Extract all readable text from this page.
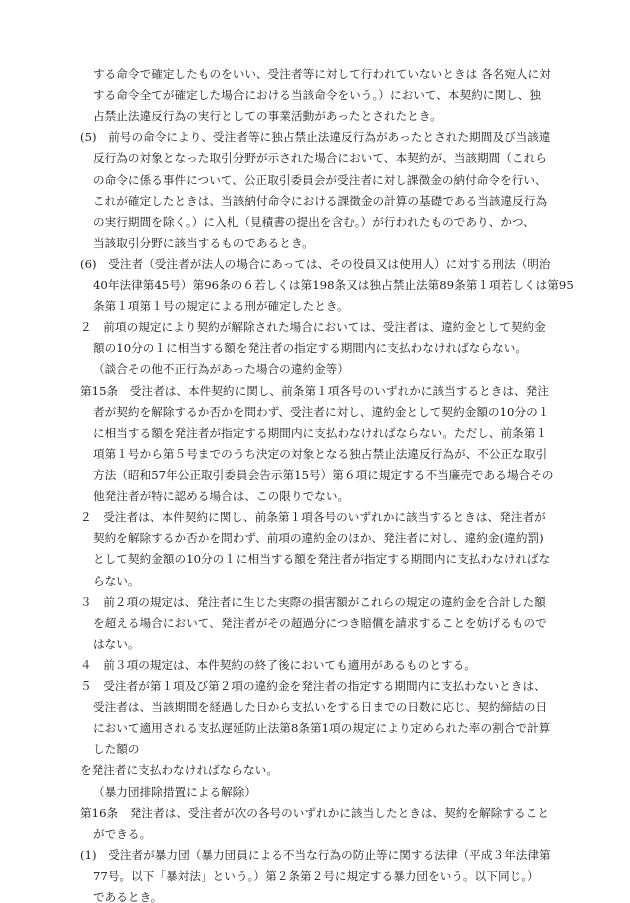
する命令で確定したものをいい、受注者等に対して行われていないときは 各名宛人に対
する命令全てが確定した場合における当該命令をいう。）において、本契約に関し、独
占禁止法違反行為の実行としての事業活動があったとされたとき。
(5)　前号の命令により、受注者等に独占禁止法違反行為があったとされた期間及び当該違
反行為の対象となった取引分野が示された場合において、本契約が、当該期間（これら
の命令に係る事件について、公正取引委員会が受注者に対し課徴金の納付命令を行い、
これが確定したときは、当該納付命令における課徴金の計算の基礎である当該違反行為
の実行期間を除く。）に入札（見積書の提出を含む。）が行われたものであり、かつ、
当該取引分野に該当するものであるとき。
(6)　受注者（受注者が法人の場合にあっては、その役員又は使用人）に対する刑法（明治
40年法律第45号）第96条の６若しくは第198条又は独占禁止法第89条第１項若しくは第95
条第１項第１号の規定による刑が確定したとき。
２　前項の規定により契約が解除された場合においては、受注者は、違約金として契約金
額の10分の１に相当する額を発注者の指定する期間内に支払わなければならない。
（談合その他不正行為があった場合の違約金等）
第15条　受注者は、本件契約に関し、前条第１項各号のいずれかに該当するときは、発注
者が契約を解除するか否かを問わず、受注者に対し、違約金として契約金額の10分の１
に相当する額を発注者が指定する期間内に支払わなければならない。ただし、前条第１
項第１号から第５号までのうち決定の対象となる独占禁止法違反行為が、不公正な取引
方法（昭和57年公正取引委員会告示第15号）第６項に規定する不当廉売である場合その
他発注者が特に認める場合は、この限りでない。
２　受注者は、本件契約に関し、前条第１項各号のいずれかに該当するときは、発注者が
契約を解除するか否かを問わず、前項の違約金のほか、発注者に対し、違約金(違約罰)
として契約金額の10分の１に相当する額を発注者が指定する期間内に支払わなければな
らない。
３　前２項の規定は、発注者に生じた実際の損害額がこれらの規定の違約金を合計した額
を超える場合において、発注者がその超過分につき賠償を請求することを妨げるもので
はない。
４　前３項の規定は、本件契約の終了後においても適用があるものとする。
５　受注者が第１項及び第２項の違約金を発注者の指定する期間内に支払わないときは、
受注者は、当該期間を経過した日から支払いをする日までの日数に応じ、契約締結の日
において適用される支払遅延防止法第8条第1項の規定により定められた率の割合で計算
した額の
を発注者に支払わなければならない。
（暴力団排除措置による解除）
第16条　発注者は、受注者が次の各号のいずれかに該当したときは、契約を解除すること
ができる。
(1)　受注者が暴力団（暴力団員による不当な行為の防止等に関する法律（平成３年法律第
77号。以下「暴対法」という。）第２条第２号に規定する暴力団をいう。以下同じ。）
であるとき。
